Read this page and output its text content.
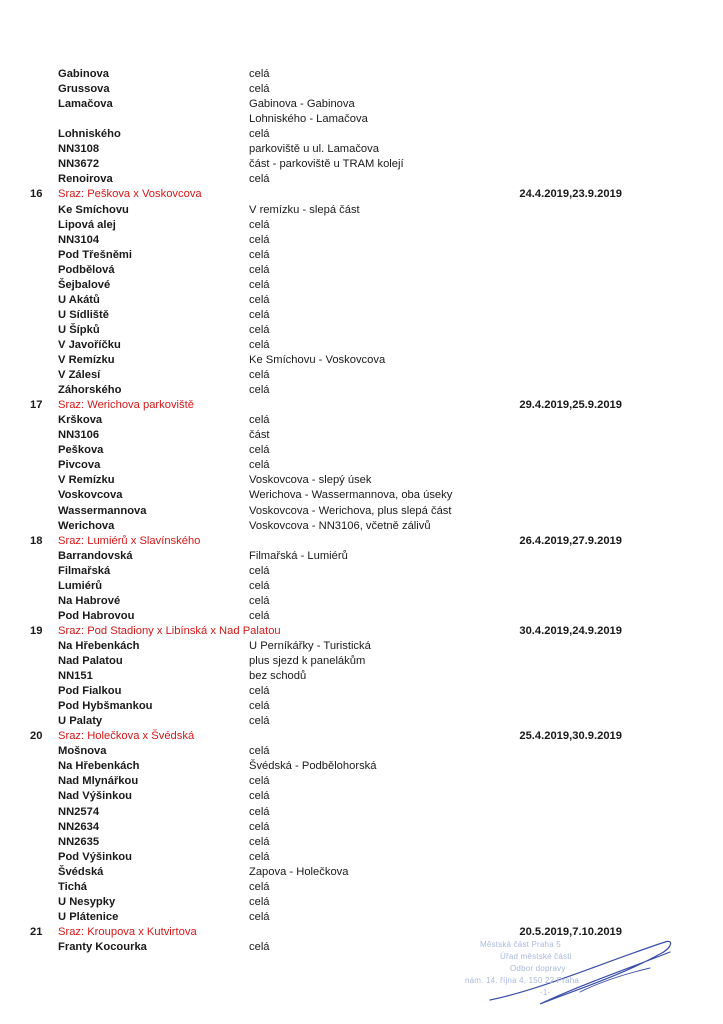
Gabinova	celá
Grussova	celá
Lamačova	Gabinova - Gabinova
Lohniského - Lamačova
Lohniského	celá
NN3108	parkoviště u ul. Lamačova
NN3672	část - parkoviště u TRAM kolejí
Renoirova	celá
16 Sraz: Peškova x Voskovcova	24.4.2019,23.9.2019
Ke Smíchovu	V remízku - slepá část
Lipová alej	celá
NN3104	celá
Pod Třešněmi	celá
Podbělová	celá
Šejbalové	celá
U Akátů	celá
U Sídliště	celá
U Šípků	celá
V Javoříčku	celá
V Remízku	Ke Smíchovu - Voskovcova
V Zálesí	celá
Záhorského	celá
17 Sraz: Werichova parkoviště	29.4.2019,25.9.2019
Krškova	celá
NN3106	část
Peškova	celá
Pivcova	celá
V Remízku	Voskovcova - slepý úsek
Voskovcova	Werichova - Wassermannova, oba úseky
Wassermannova	Voskovcova - Werichova, plus slepá část
Werichova	Voskovcova - NN3106, včetně zálivů
18 Sraz: Lumiérů x Slavínského	26.4.2019,27.9.2019
Barrandovská	Filmařská - Lumiérů
Filmařská	celá
Lumiérů	celá
Na Habrové	celá
Pod Habrovou	celá
19 Sraz: Pod Stadiony x Libínská x Nad Palatou	30.4.2019,24.9.2019
Na Hřebenkách	U Perníkářky - Turistická
Nad Palatou	plus sjezd k panelákům
NN151	bez schodů
Pod Fialkou	celá
Pod Hybšmankou	celá
U Palaty	celá
20 Sraz: Holečkova x Švédská	25.4.2019,30.9.2019
Mošnova	celá
Na Hřebenkách	Švédská - Podbělohorská
Nad Mlynářkou	celá
Nad Výšinkou	celá
NN2574	celá
NN2634	celá
NN2635	celá
Pod Výšinkou	celá
Švédská	Zapova - Holečkova
Tichá	celá
U Nesypky	celá
U Plátenice	celá
21 Sraz: Kroupova x Kutvirtova	20.5.2019,7.10.2019
Franty Kocourka	celá	Městská část Praha 5
Úřad městské části
Odbor dopravy
nám. 14. října 4, 150 22 Praha
-1-
